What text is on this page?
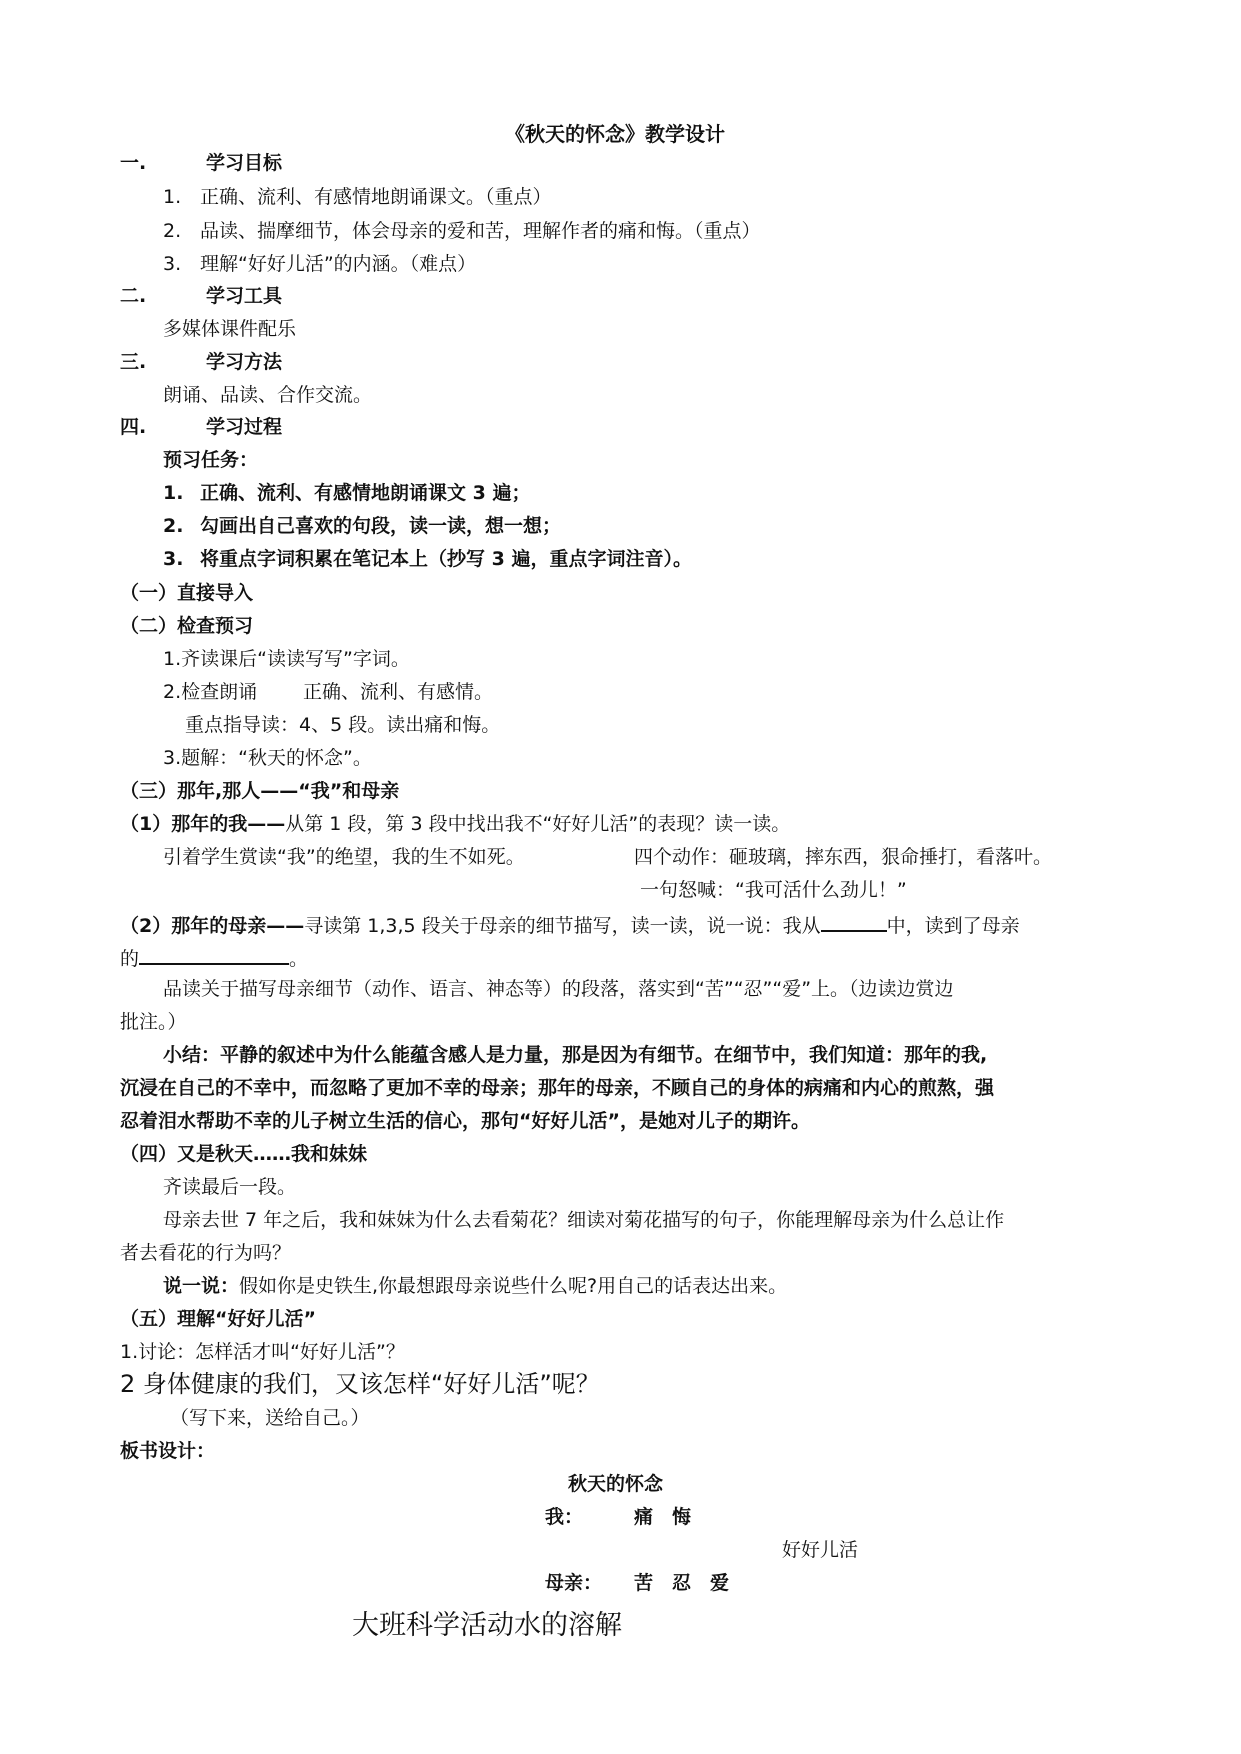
《秋天的怀念》教学设计
一.	学习目标
1. 正确、流利、有感情地朗诵课文。（重点）
2. 品读、揣摩细节，体会母亲的爱和苦，理解作者的痛和悔。（重点）
3. 理解“好好儿活”的内涵。（难点）
二.	学习工具
多媒体课件配乐
三.	学习方法
朗诵、品读、合作交流。
四.	学习过程
预习任务：
1. 正确、流利、有感情地朗诵课文 3 遍；
2. 勾画出自己喜欢的句段，读一读，想一想；
3. 将重点字词积累在笔记本上（抄写 3 遍，重点字词注音）。
（一）直接导入
（二）检查预习
1.齐读课后“读读写写”字词。
2.检查朗诵 正确、流利、有感情。
重点指导读：4、5 段。读出痛和悔。
3.题解：“秋天的怀念”。
（三）那年,那人——“我”和母亲
（1）那年的我——从第 1 段，第 3 段中找出我不“好好儿活”的表现？读一读。
引着学生赏读“我”的绝望，我的生不如死。	四个动作：砸玻璃，摔东西，狠命捶打，看落叶。
一句怒喊：“我可活什么劲儿！”
（2）那年的母亲——寻读第 1,3,5 段关于母亲的细节描写，读一读，说一说：我从	中，读到了母亲
的	。
品读关于描写母亲细节（动作、语言、神态等）的段落，落实到“苦”“忍”“爱”上。（边读边赏边
批注。）
小结：平静的叙述中为什么能蕴含感人是力量，那是因为有细节。在细节中，我们知道：那年的我,
沉浸在自己的不幸中，而忽略了更加不幸的母亲；那年的母亲，不顾自己的身体的病痛和内心的煎熬，强
忍着泪水帮助不幸的儿子树立生活的信心，那句“好好儿活”，是她对儿子的期许。
（四）又是秋天……我和妹妹
齐读最后一段。
母亲去世 7 年之后，我和妹妹为什么去看菊花？细读对菊花描写的句子，你能理解母亲为什么总让作
者去看花的行为吗？
说一说：假如你是史铁生,你最想跟母亲说些什么呢?用自己的话表达出来。
（五）理解“好好儿活”
1.讨论：怎样活才叫“好好儿活”？
2 身体健康的我们，又该怎样“好好儿活”呢？
（写下来，送给自己。）
板书设计：
秋天的怀念
我：	痛　悔
好好儿活
母亲： 苦　忍　爱
大班科学活动水的溶解
